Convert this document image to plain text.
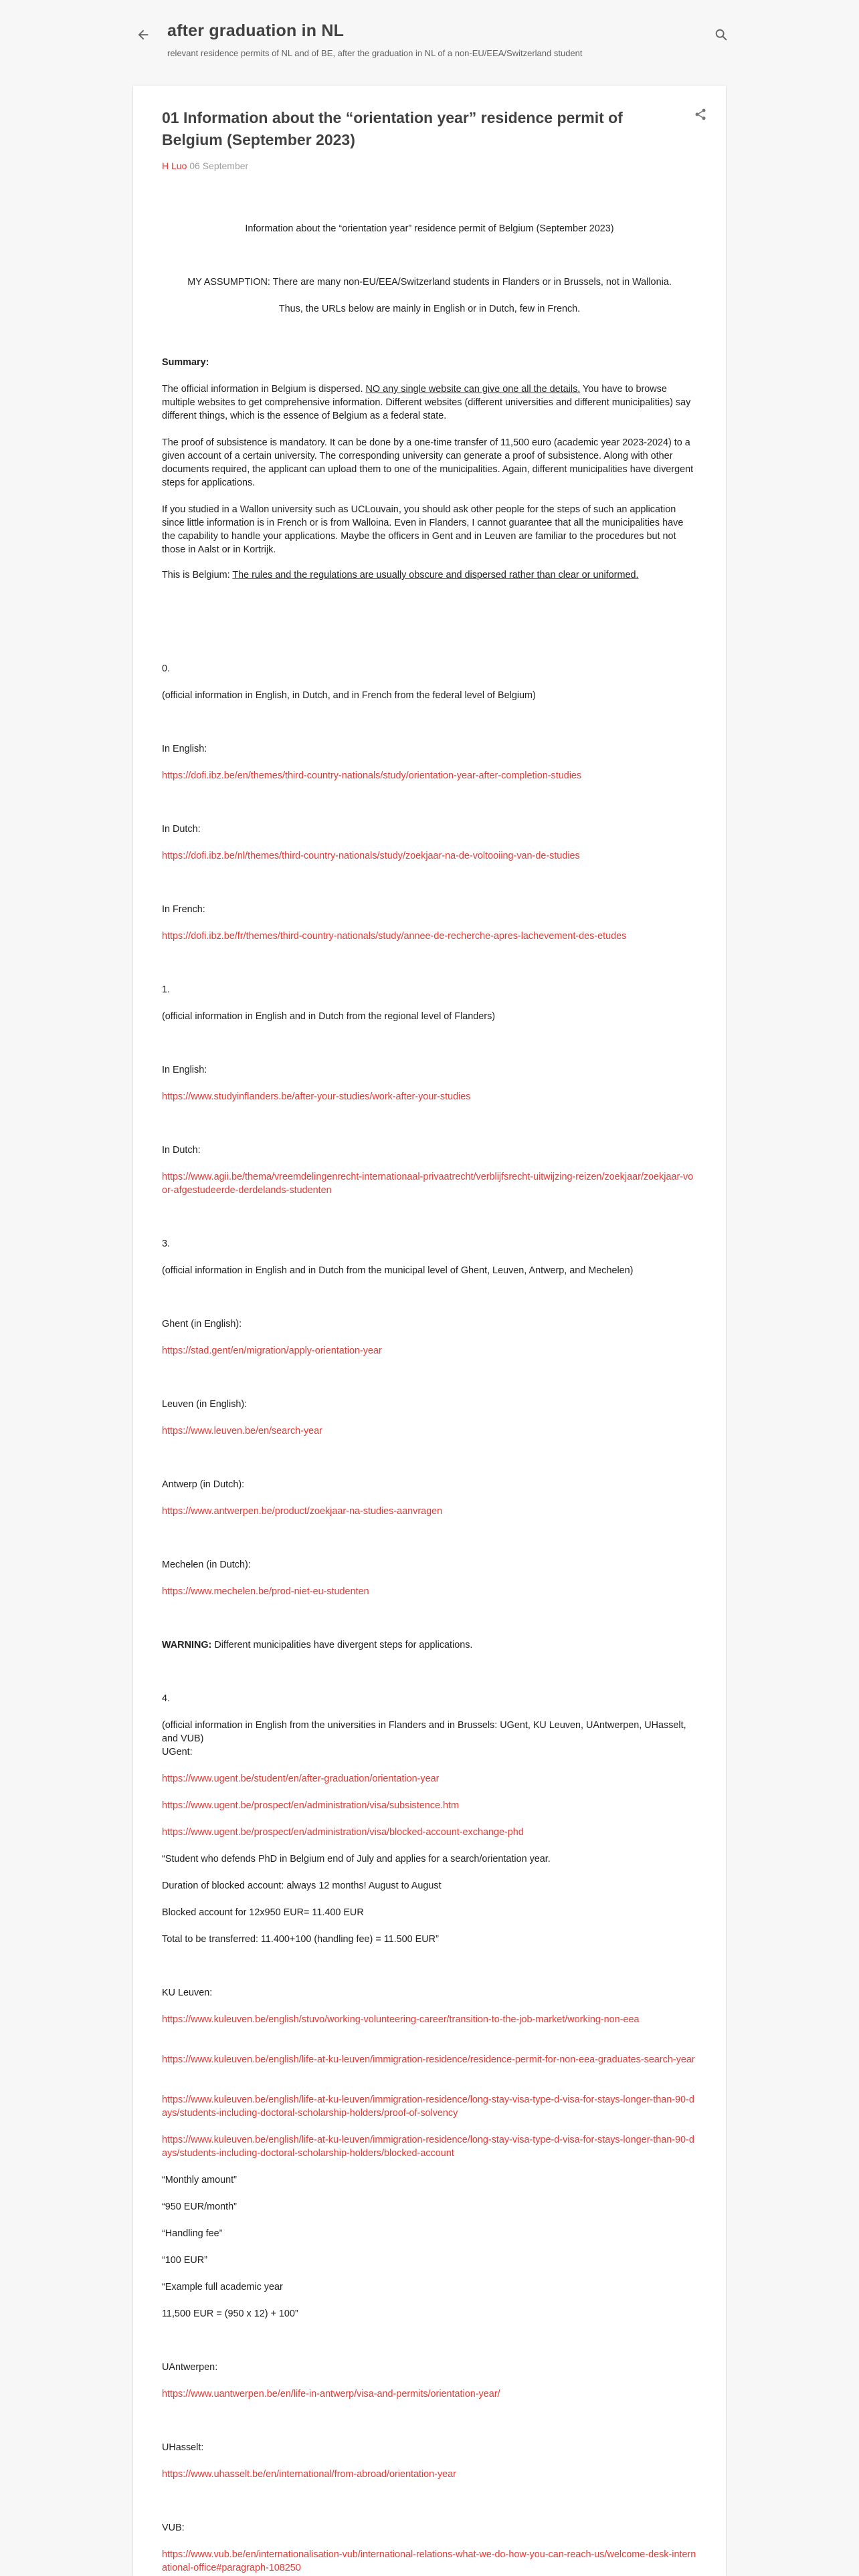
after graduation in NL
relevant residence permits of NL and of BE, after the graduation in NL of a non-EU/EEA/Switzerland student
01 Information about the “orientation year” residence permit of Belgium (September 2023)
H Luo 06 September
Information about the “orientation year” residence permit of Belgium (September 2023)
MY ASSUMPTION: There are many non-EU/EEA/Switzerland students in Flanders or in Brussels, not in Wallonia.
Thus, the URLs below are mainly in English or in Dutch, few in French.
Summary:
The official information in Belgium is dispersed. NO any single website can give one all the details. You have to browse multiple websites to get comprehensive information. Different websites (different universities and different municipalities) say different things, which is the essence of Belgium as a federal state.
The proof of subsistence is mandatory. It can be done by a one-time transfer of 11,500 euro (academic year 2023-2024) to a given account of a certain university. The corresponding university can generate a proof of subsistence. Along with other documents required, the applicant can upload them to one of the municipalities. Again, different municipalities have divergent steps for applications.
If you studied in a Wallon university such as UCLouvain, you should ask other people for the steps of such an application since little information is in French or is from Walloina. Even in Flanders, I cannot guarantee that all the municipalities have the capability to handle your applications. Maybe the officers in Gent and in Leuven are familiar to the procedures but not those in Aalst or in Kortrijk.
This is Belgium: The rules and the regulations are usually obscure and dispersed rather than clear or uniformed.
0.
(official information in English, in Dutch, and in French from the federal level of Belgium)
In English:
https://dofi.ibz.be/en/themes/third-country-nationals/study/orientation-year-after-completion-studies
In Dutch:
https://dofi.ibz.be/nl/themes/third-country-nationals/study/zoekjaar-na-de-voltooiing-van-de-studies
In French:
https://dofi.ibz.be/fr/themes/third-country-nationals/study/annee-de-recherche-apres-lachevement-des-etudes
1.
(official information in English and in Dutch from the regional level of Flanders)
In English:
https://www.studyinflanders.be/after-your-studies/work-after-your-studies
In Dutch:
https://www.agii.be/thema/vreemdelingenrecht-internationaal-privaatrecht/verblijfsrecht-uitwijzing-reizen/zoekjaar/zoekjaar-voor-afgestudeerde-derdelands-studenten
3.
(official information in English and in Dutch from the municipal level of Ghent, Leuven, Antwerp, and Mechelen)
Ghent (in English):
https://stad.gent/en/migration/apply-orientation-year
Leuven (in English):
https://www.leuven.be/en/search-year
Antwerp (in Dutch):
https://www.antwerpen.be/product/zoekjaar-na-studies-aanvragen
Mechelen (in Dutch):
https://www.mechelen.be/prod-niet-eu-studenten
WARNING: Different municipalities have divergent steps for applications.
4.
(official information in English from the universities in Flanders and in Brussels: UGent, KU Leuven, UAntwerpen, UHasselt, and VUB)
UGent:
https://www.ugent.be/student/en/after-graduation/orientation-year
https://www.ugent.be/prospect/en/administration/visa/subsistence.htm
https://www.ugent.be/prospect/en/administration/visa/blocked-account-exchange-phd
“Student who defends PhD in Belgium end of July and applies for a search/orientation year.
Duration of blocked account: always 12 months! August to August
Blocked account for 12x950 EUR= 11.400 EUR
Total to be transferred: 11.400+100 (handling fee) = 11.500 EUR”
KU Leuven:
https://www.kuleuven.be/english/stuvo/working-volunteering-career/transition-to-the-job-market/working-non-eea
https://www.kuleuven.be/english/life-at-ku-leuven/immigration-residence/residence-permit-for-non-eea-graduates-search-year
https://www.kuleuven.be/english/life-at-ku-leuven/immigration-residence/long-stay-visa-type-d-visa-for-stays-longer-than-90-days/students-including-doctoral-scholarship-holders/proof-of-solvency
https://www.kuleuven.be/english/life-at-ku-leuven/immigration-residence/long-stay-visa-type-d-visa-for-stays-longer-than-90-days/students-including-doctoral-scholarship-holders/blocked-account
“Monthly amount”
“950 EUR/month”
“Handling fee”
“100 EUR”
“Example full academic year
11,500 EUR = (950 x 12) + 100”
UAntwerpen:
https://www.uantwerpen.be/en/life-in-antwerp/visa-and-permits/orientation-year/
UHasselt:
https://www.uhasselt.be/en/international/from-abroad/orientation-year
VUB:
https://www.vub.be/en/internationalisation-vub/international-relations-what-we-do-how-you-can-reach-us/welcome-desk-international-office#paragraph-108250
